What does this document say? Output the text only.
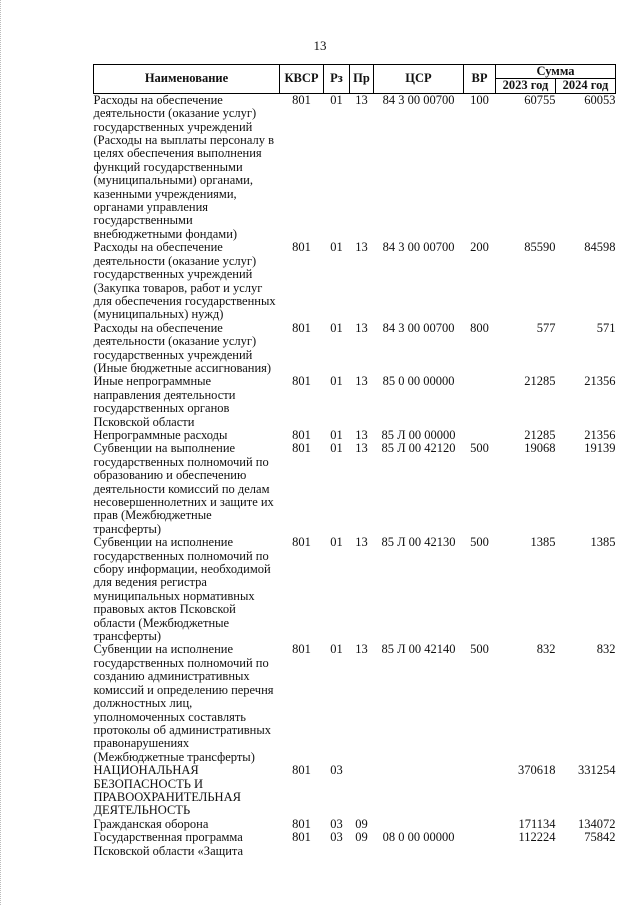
13
Наименование	КВСР	Рз	Пр	ЦСР	ВР	Сумма	
						2023 год	2024 год
Расходы на обеспечение деятельности (оказание услуг) государственных учреждений (Расходы на выплаты персоналу в целях обеспечения выполнения функций государственными (муниципальными) органами, казенными учреждениями, органами управления государственными внебюджетными фондами)	801	01	13	84 3 00 00700	100	60755	60053
Расходы на обеспечение деятельности (оказание услуг) государственных учреждений (Закупка товаров, работ и услуг для обеспечения государственных (муниципальных) нужд)	801	01	13	84 3 00 00700	200	85590	84598
Расходы на обеспечение деятельности (оказание услуг) государственных учреждений (Иные бюджетные ассигнования)	801	01	13	84 3 00 00700	800	577	571
Иные непрограммные направления деятельности государственных органов Псковской области	801	01	13	85 0 00 00000		21285	21356
Непрограммные расходы	801	01	13	85 Л 00 00000		21285	21356
Субвенции на выполнение государственных полномочий по образованию и обеспечению деятельности комиссий по делам несовершеннолетних и защите их прав (Межбюджетные трансферты)	801	01	13	85 Л 00 42120	500	19068	19139
Субвенции на исполнение государственных полномочий по сбору информации, необходимой для ведения регистра муниципальных нормативных правовых актов Псковской области (Межбюджетные трансферты)	801	01	13	85 Л 00 42130	500	1385	1385
Субвенции на исполнение государственных полномочий по созданию административных комиссий и определению перечня должностных лиц, уполномоченных составлять протоколы об административных правонарушениях (Межбюджетные трансферты)	801	01	13	85 Л 00 42140	500	832	832
НАЦИОНАЛЬНАЯ БЕЗОПАСНОСТЬ И ПРАВООХРАНИТЕЛЬНАЯ ДЕЯТЕЛЬНОСТЬ	801	03				370618	331254
Гражданская оборона	801	03	09			171134	134072
Государственная программа Псковской области «Защита	801	03	09	08 0 00 00000		112224	75842
